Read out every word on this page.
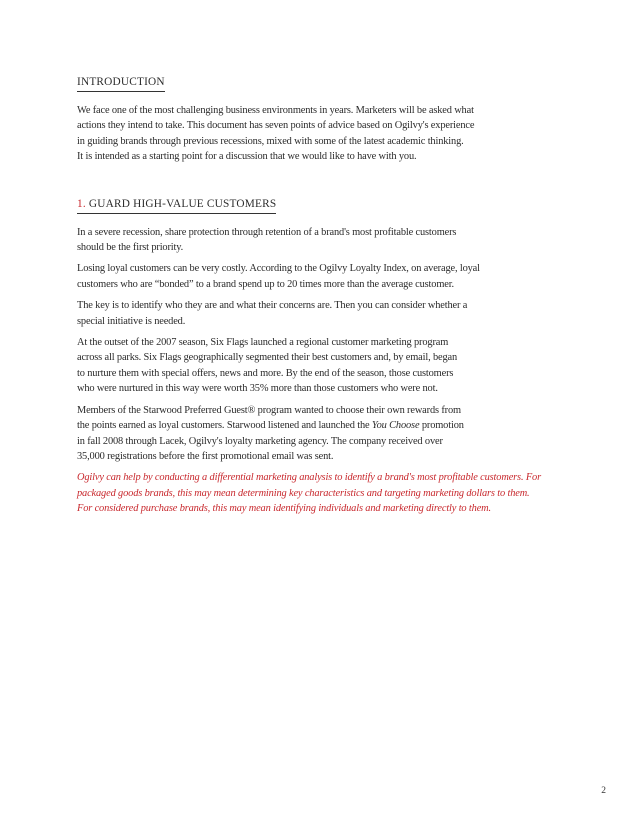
INTRODUCTION
We face one of the most challenging business environments in years. Marketers will be asked what
actions they intend to take. This document has seven points of advice based on Ogilvy's experience
in guiding brands through previous recessions, mixed with some of the latest academic thinking.
It is intended as a starting point for a discussion that we would like to have with you.
1. GUARD HIGH-VALUE CUSTOMERS
In a severe recession, share protection through retention of a brand's most profitable customers
should be the first priority.
Losing loyal customers can be very costly. According to the Ogilvy Loyalty Index, on average, loyal
customers who are “bonded” to a brand spend up to 20 times more than the average customer.
The key is to identify who they are and what their concerns are. Then you can consider whether a
special initiative is needed.
At the outset of the 2007 season, Six Flags launched a regional customer marketing program
across all parks. Six Flags geographically segmented their best customers and, by email, began
to nurture them with special offers, news and more. By the end of the season, those customers
who were nurtured in this way were worth 35% more than those customers who were not.
Members of the Starwood Preferred Guest® program wanted to choose their own rewards from
the points earned as loyal customers. Starwood listened and launched the You Choose promotion
in fall 2008 through Lacek, Ogilvy's loyalty marketing agency. The company received over
35,000 registrations before the first promotional email was sent.
Ogilvy can help by conducting a differential marketing analysis to identify a brand's most profitable customers. For
packaged goods brands, this may mean determining key characteristics and targeting marketing dollars to them.
For considered purchase brands, this may mean identifying individuals and marketing directly to them.
2
